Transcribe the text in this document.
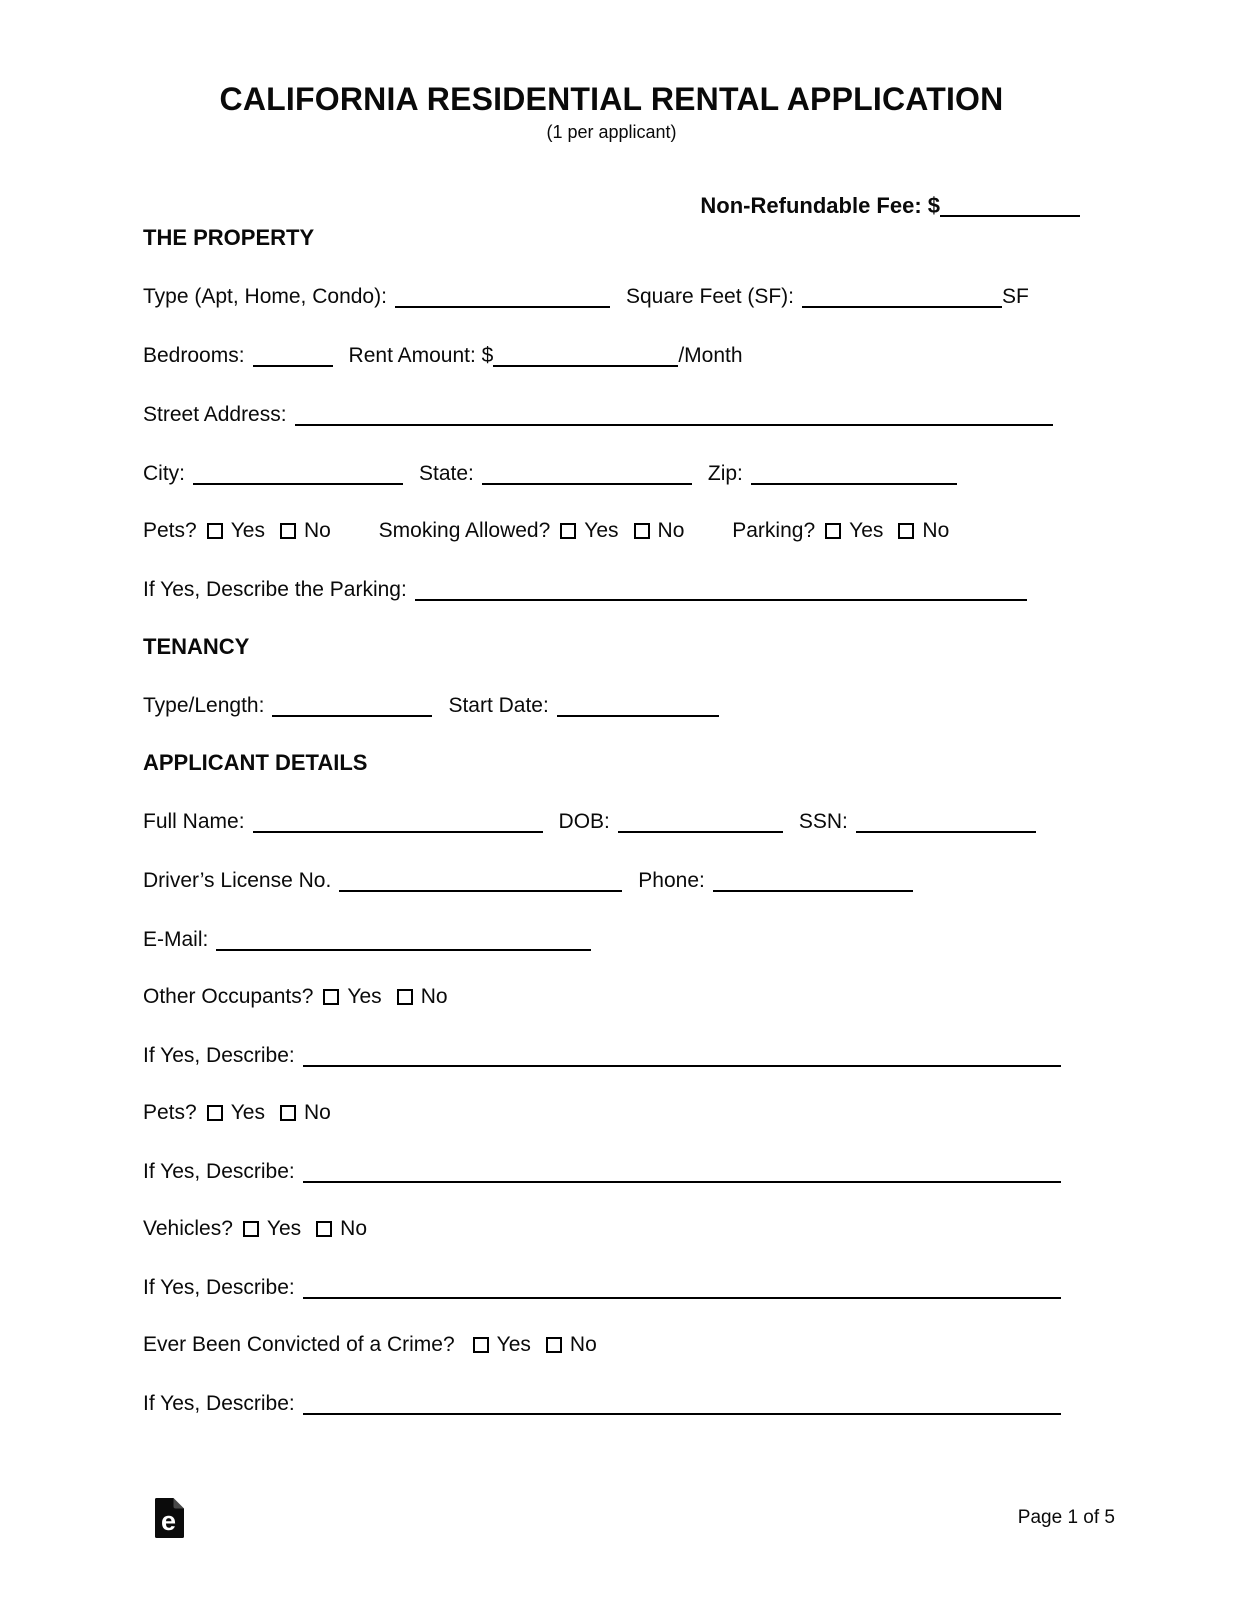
CALIFORNIA RESIDENTIAL RENTAL APPLICATION
(1 per applicant)
Non-Refundable Fee: $
THE PROPERTY
Type (Apt, Home, Condo):	Square Feet (SF):	SF
Bedrooms:	Rent Amount: $	/Month
Street Address:
City:	State:	Zip:
Pets? Yes No Smoking Allowed? Yes No Parking? Yes No
If Yes, Describe the Parking:
TENANCY
Type/Length:	Start Date:
APPLICANT DETAILS
Full Name:	DOB:	SSN:
Driver’s License No.	Phone:
E-Mail:
Other Occupants? Yes No
If Yes, Describe:
Pets? Yes No
If Yes, Describe:
Vehicles? Yes No
If Yes, Describe:
Ever Been Convicted of a Crime? Yes No
If Yes, Describe:
e	Page 1 of 5
